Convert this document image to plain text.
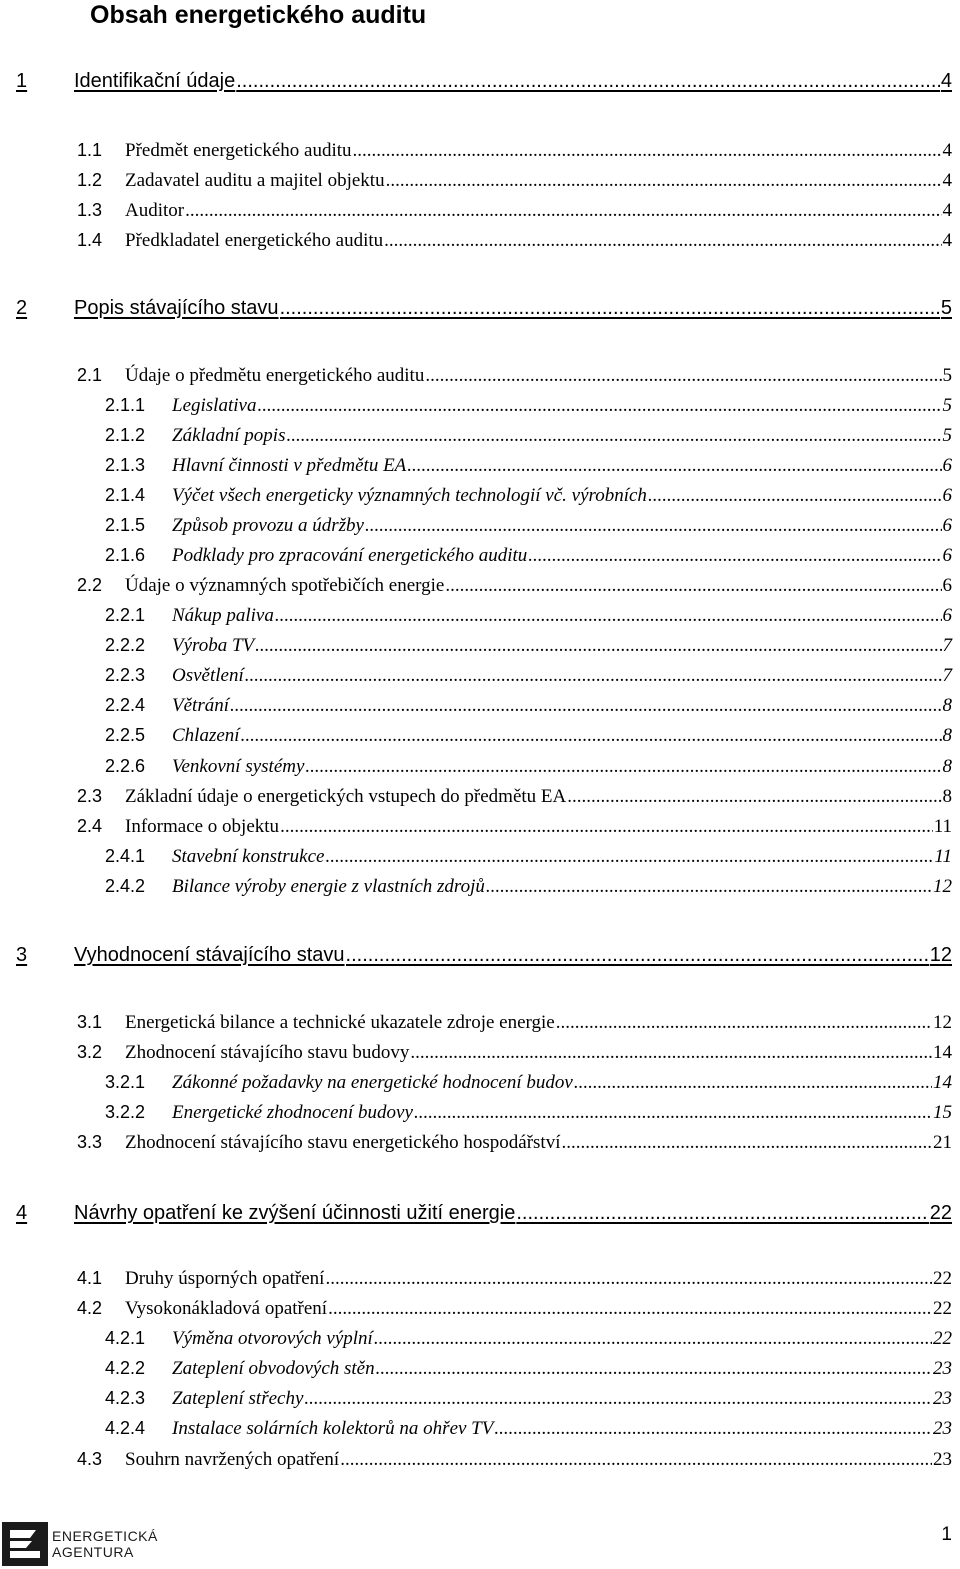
Obsah energetického auditu
1	Identifikační údaje .....	4
1.1	Předmět energetického auditu .....	4
1.2	Zadavatel auditu a majitel objektu .....	4
1.3	Auditor .....	4
1.4	Předkladatel energetického auditu .....	4
2	Popis stávajícího stavu .....	5
2.1	Údaje o předmětu energetického auditu .....	5
2.1.1	Legislativa .....	5
2.1.2	Základní popis .....	5
2.1.3	Hlavní činnosti v předmětu EA .....	6
2.1.4	Výčet všech energeticky významných technologií vč. výrobních .....	6
2.1.5	Způsob provozu a údržby .....	6
2.1.6	Podklady pro zpracování energetického auditu .....	6
2.2	Údaje o významných spotřebičích energie .....	6
2.2.1	Nákup paliva .....	6
2.2.2	Výroba TV .....	7
2.2.3	Osvětlení .....	7
2.2.4	Větrání .....	8
2.2.5	Chlazení .....	8
2.2.6	Venkovní systémy .....	8
2.3	Základní údaje o energetických vstupech do předmětu EA .....	8
2.4	Informace o objektu .....	11
2.4.1	Stavební konstrukce .....	11
2.4.2	Bilance výroby energie z vlastních zdrojů .....	12
3	Vyhodnocení stávajícího stavu .....	12
3.1	Energetická bilance a technické ukazatele zdroje energie .....	12
3.2	Zhodnocení stávajícího stavu budovy .....	14
3.2.1	Zákonné požadavky na energetické hodnocení budov .....	14
3.2.2	Energetické zhodnocení budovy .....	15
3.3	Zhodnocení stávajícího stavu energetického hospodářství .....	21
4	Návrhy opatření ke zvýšení účinnosti užití energie .....	22
4.1	Druhy úsporných opatření .....	22
4.2	Vysokonákladová opatření .....	22
4.2.1	Výměna otvorových výplní .....	22
4.2.2	Zateplení obvodových stěn .....	23
4.2.3	Zateplení střechy .....	23
4.2.4	Instalace solárních kolektorů na ohřev TV .....	23
4.3	Souhrn navržených opatření .....	23
ENERGETICKÁ
AGENTURA
1
